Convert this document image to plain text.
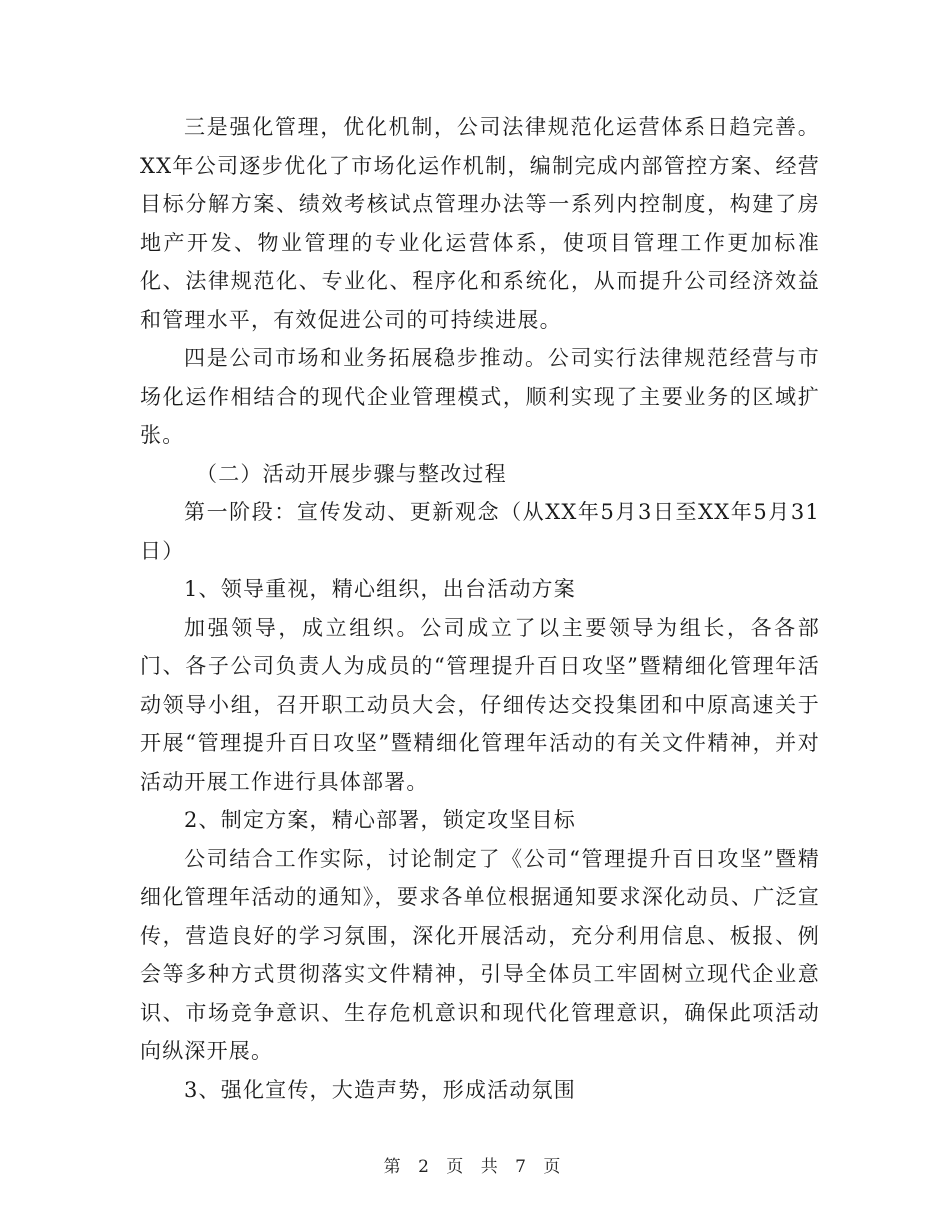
三是强化管理，优化机制，公司法律规范化运营体系日趋完善。XX年公司逐步优化了市场化运作机制，编制完成内部管控方案、经营目标分解方案、绩效考核试点管理办法等一系列内控制度，构建了房地产开发、物业管理的专业化运营体系，使项目管理工作更加标准化、法律规范化、专业化、程序化和系统化，从而提升公司经济效益和管理水平，有效促进公司的可持续进展。

四是公司市场和业务拓展稳步推动。公司实行法律规范经营与市场化运作相结合的现代企业管理模式，顺利实现了主要业务的区域扩张。

（二）活动开展步骤与整改过程

第一阶段：宣传发动、更新观念（从XX年5月3日至XX年5月31日）

1、领导重视，精心组织，出台活动方案

加强领导，成立组织。公司成立了以主要领导为组长，各各部门、各子公司负责人为成员的“管理提升百日攻坚”暨精细化管理年活动领导小组，召开职工动员大会，仔细传达交投集团和中原高速关于开展“管理提升百日攻坚”暨精细化管理年活动的有关文件精神，并对活动开展工作进行具体部署。

2、制定方案，精心部署，锁定攻坚目标

公司结合工作实际，讨论制定了《公司“管理提升百日攻坚”暨精细化管理年活动的通知》，要求各单位根据通知要求深化动员、广泛宣传，营造良好的学习氛围，深化开展活动，充分利用信息、板报、例会等多种方式贯彻落实文件精神，引导全体员工牢固树立现代企业意识、市场竞争意识、生存危机意识和现代化管理意识，确保此项活动向纵深开展。

3、强化宣传，大造声势，形成活动氛围

第 2 页 共 7 页
